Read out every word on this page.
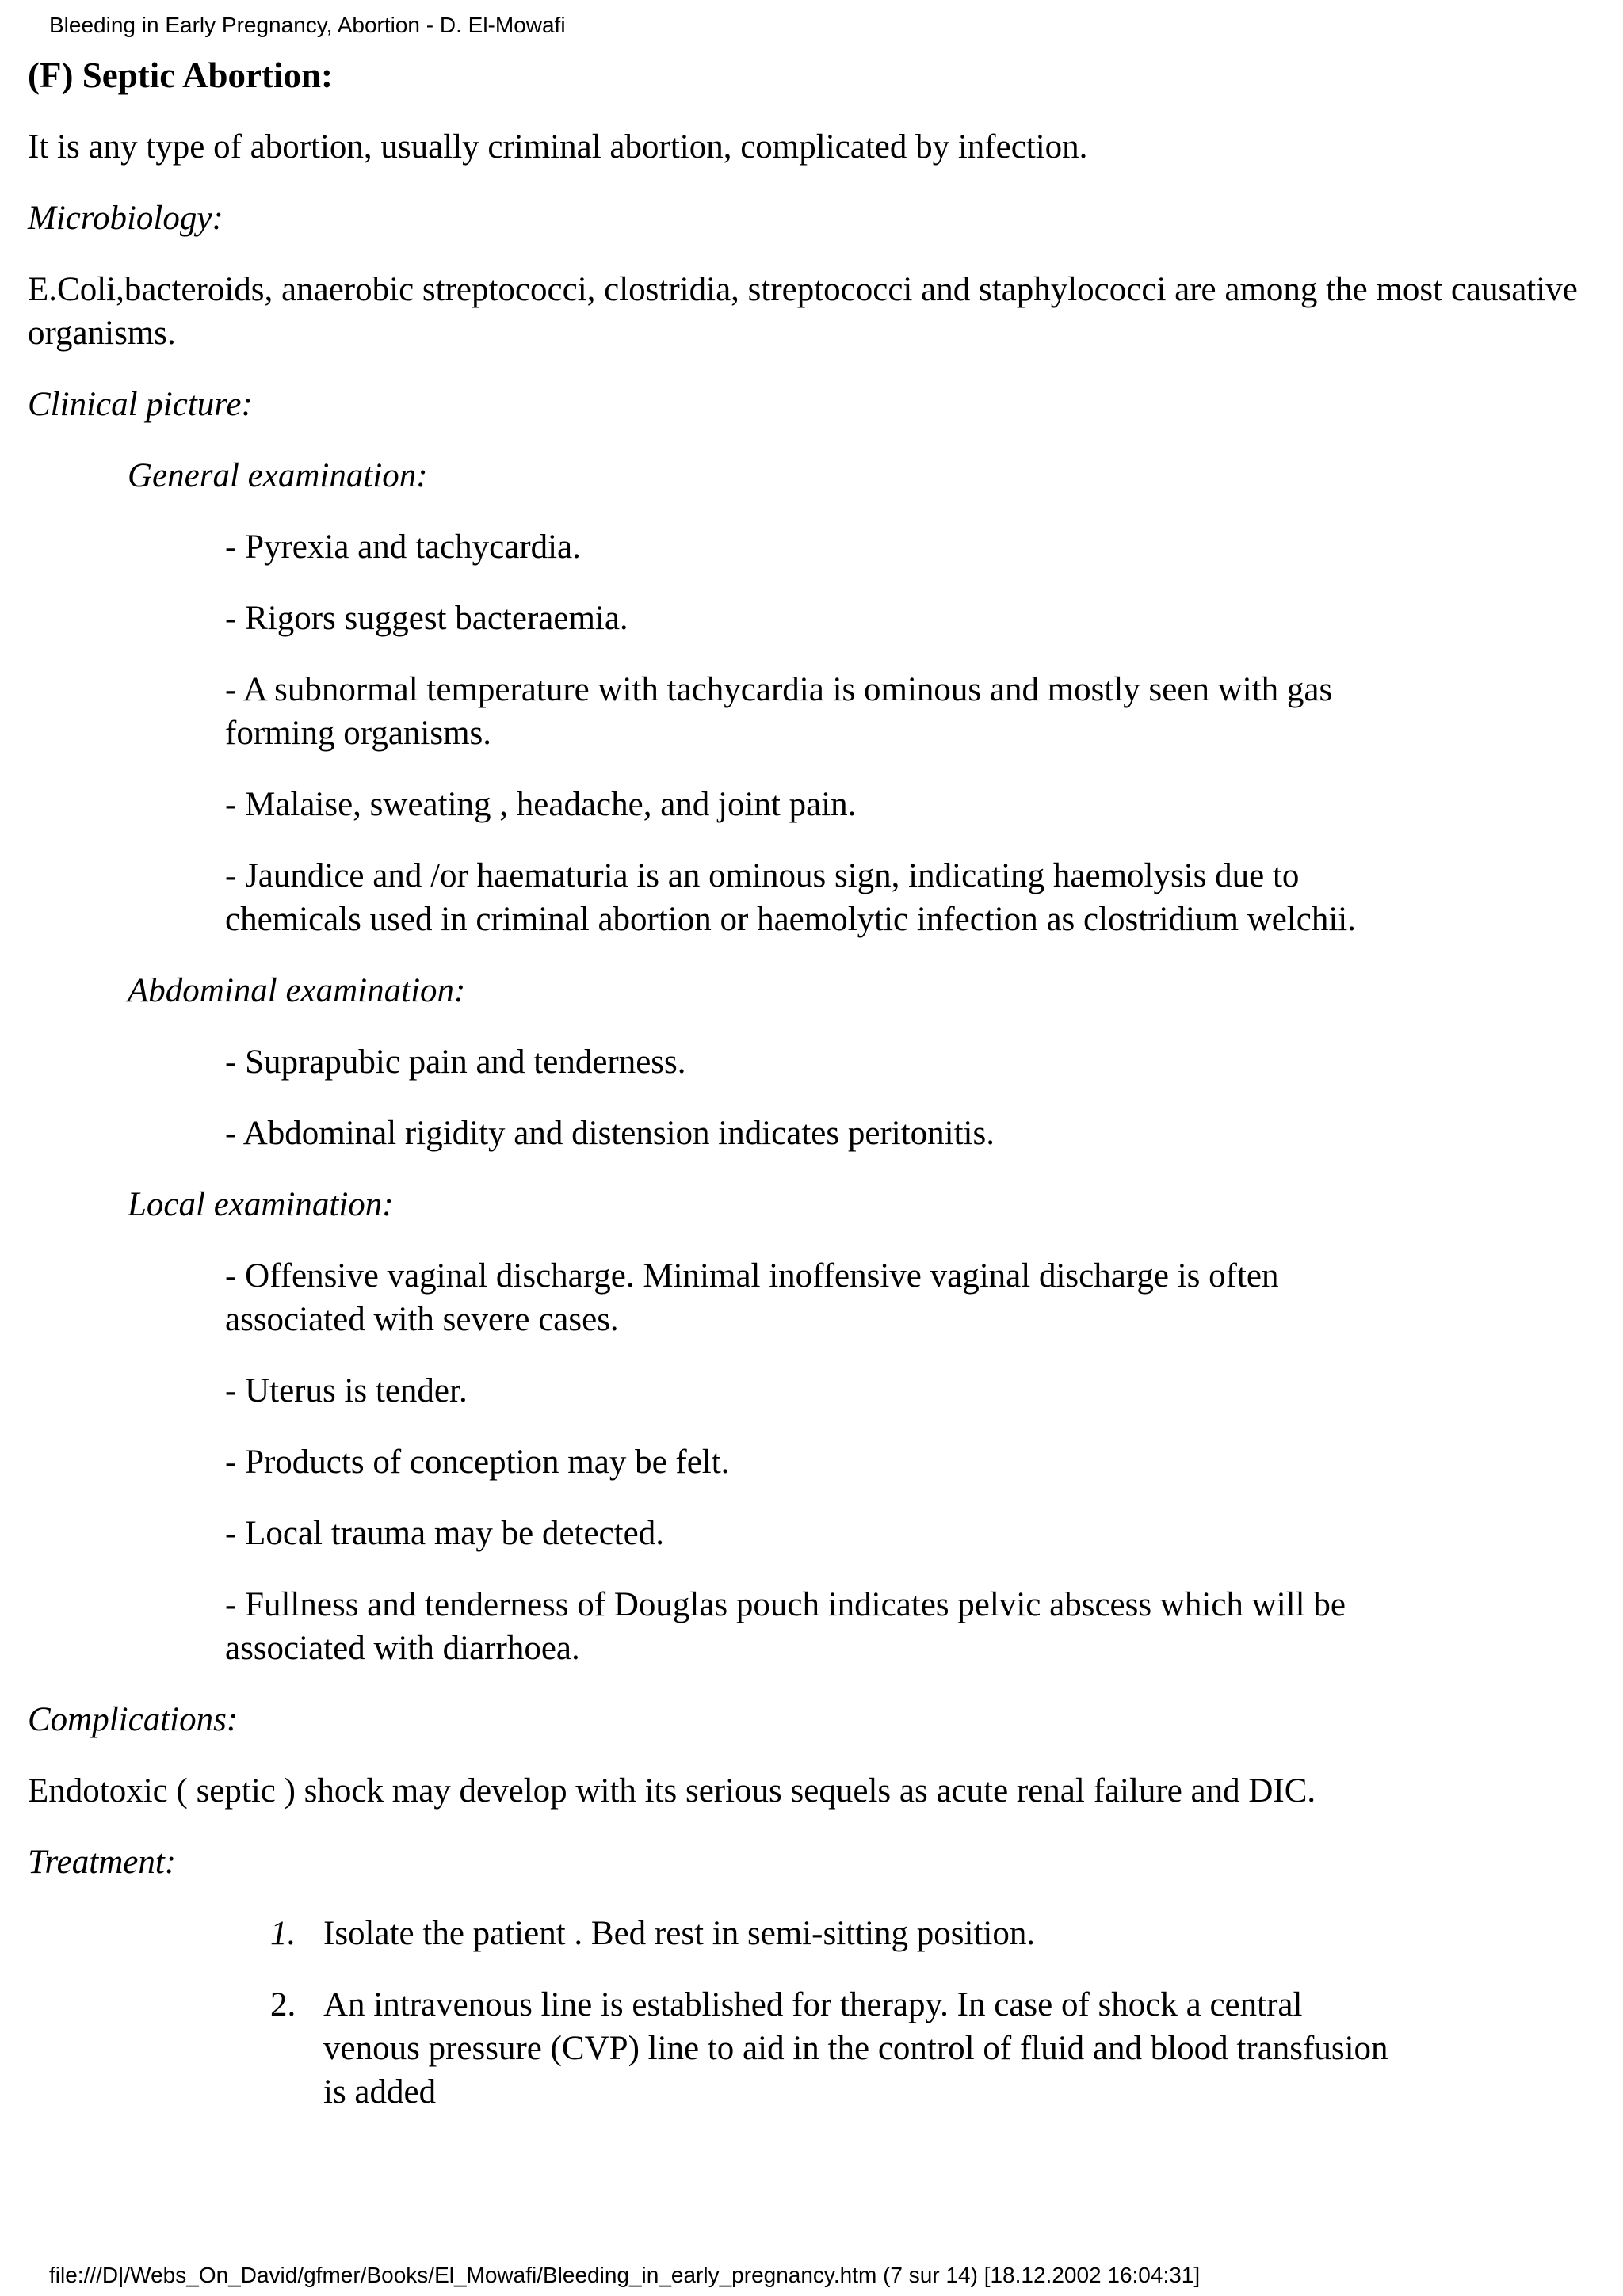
Bleeding in Early Pregnancy, Abortion - D. El-Mowafi

(F) Septic Abortion:

It is any type of abortion, usually criminal abortion, complicated by infection.

Microbiology:

E.Coli,bacteroids, anaerobic streptococci, clostridia, streptococci and staphylococci are among the most causative organisms.

Clinical picture:

General examination:

- Pyrexia and tachycardia.

- Rigors suggest bacteraemia.

- A subnormal temperature with tachycardia is ominous and mostly seen with gas forming organisms.

- Malaise, sweating , headache, and joint pain.

- Jaundice and /or haematuria is an ominous sign, indicating haemolysis due to chemicals used in criminal abortion or haemolytic infection as clostridium welchii.

Abdominal examination:

- Suprapubic pain and tenderness.

- Abdominal rigidity and distension indicates peritonitis.

Local examination:

- Offensive vaginal discharge. Minimal inoffensive vaginal discharge is often associated with severe cases.

- Uterus is tender.

- Products of conception may be felt.

- Local trauma may be detected.

- Fullness and tenderness of Douglas pouch indicates pelvic abscess which will be associated with diarrhoea.

Complications:

Endotoxic ( septic ) shock may develop with its serious sequels as acute renal failure and DIC.

Treatment:

1. Isolate the patient . Bed rest in semi-sitting position.
2. An intravenous line is established for therapy. In case of shock a central venous pressure (CVP) line to aid in the control of fluid and blood transfusion is added
file:///D|/Webs_On_David/gfmer/Books/El_Mowafi/Bleeding_in_early_pregnancy.htm (7 sur 14) [18.12.2002 16:04:31]
